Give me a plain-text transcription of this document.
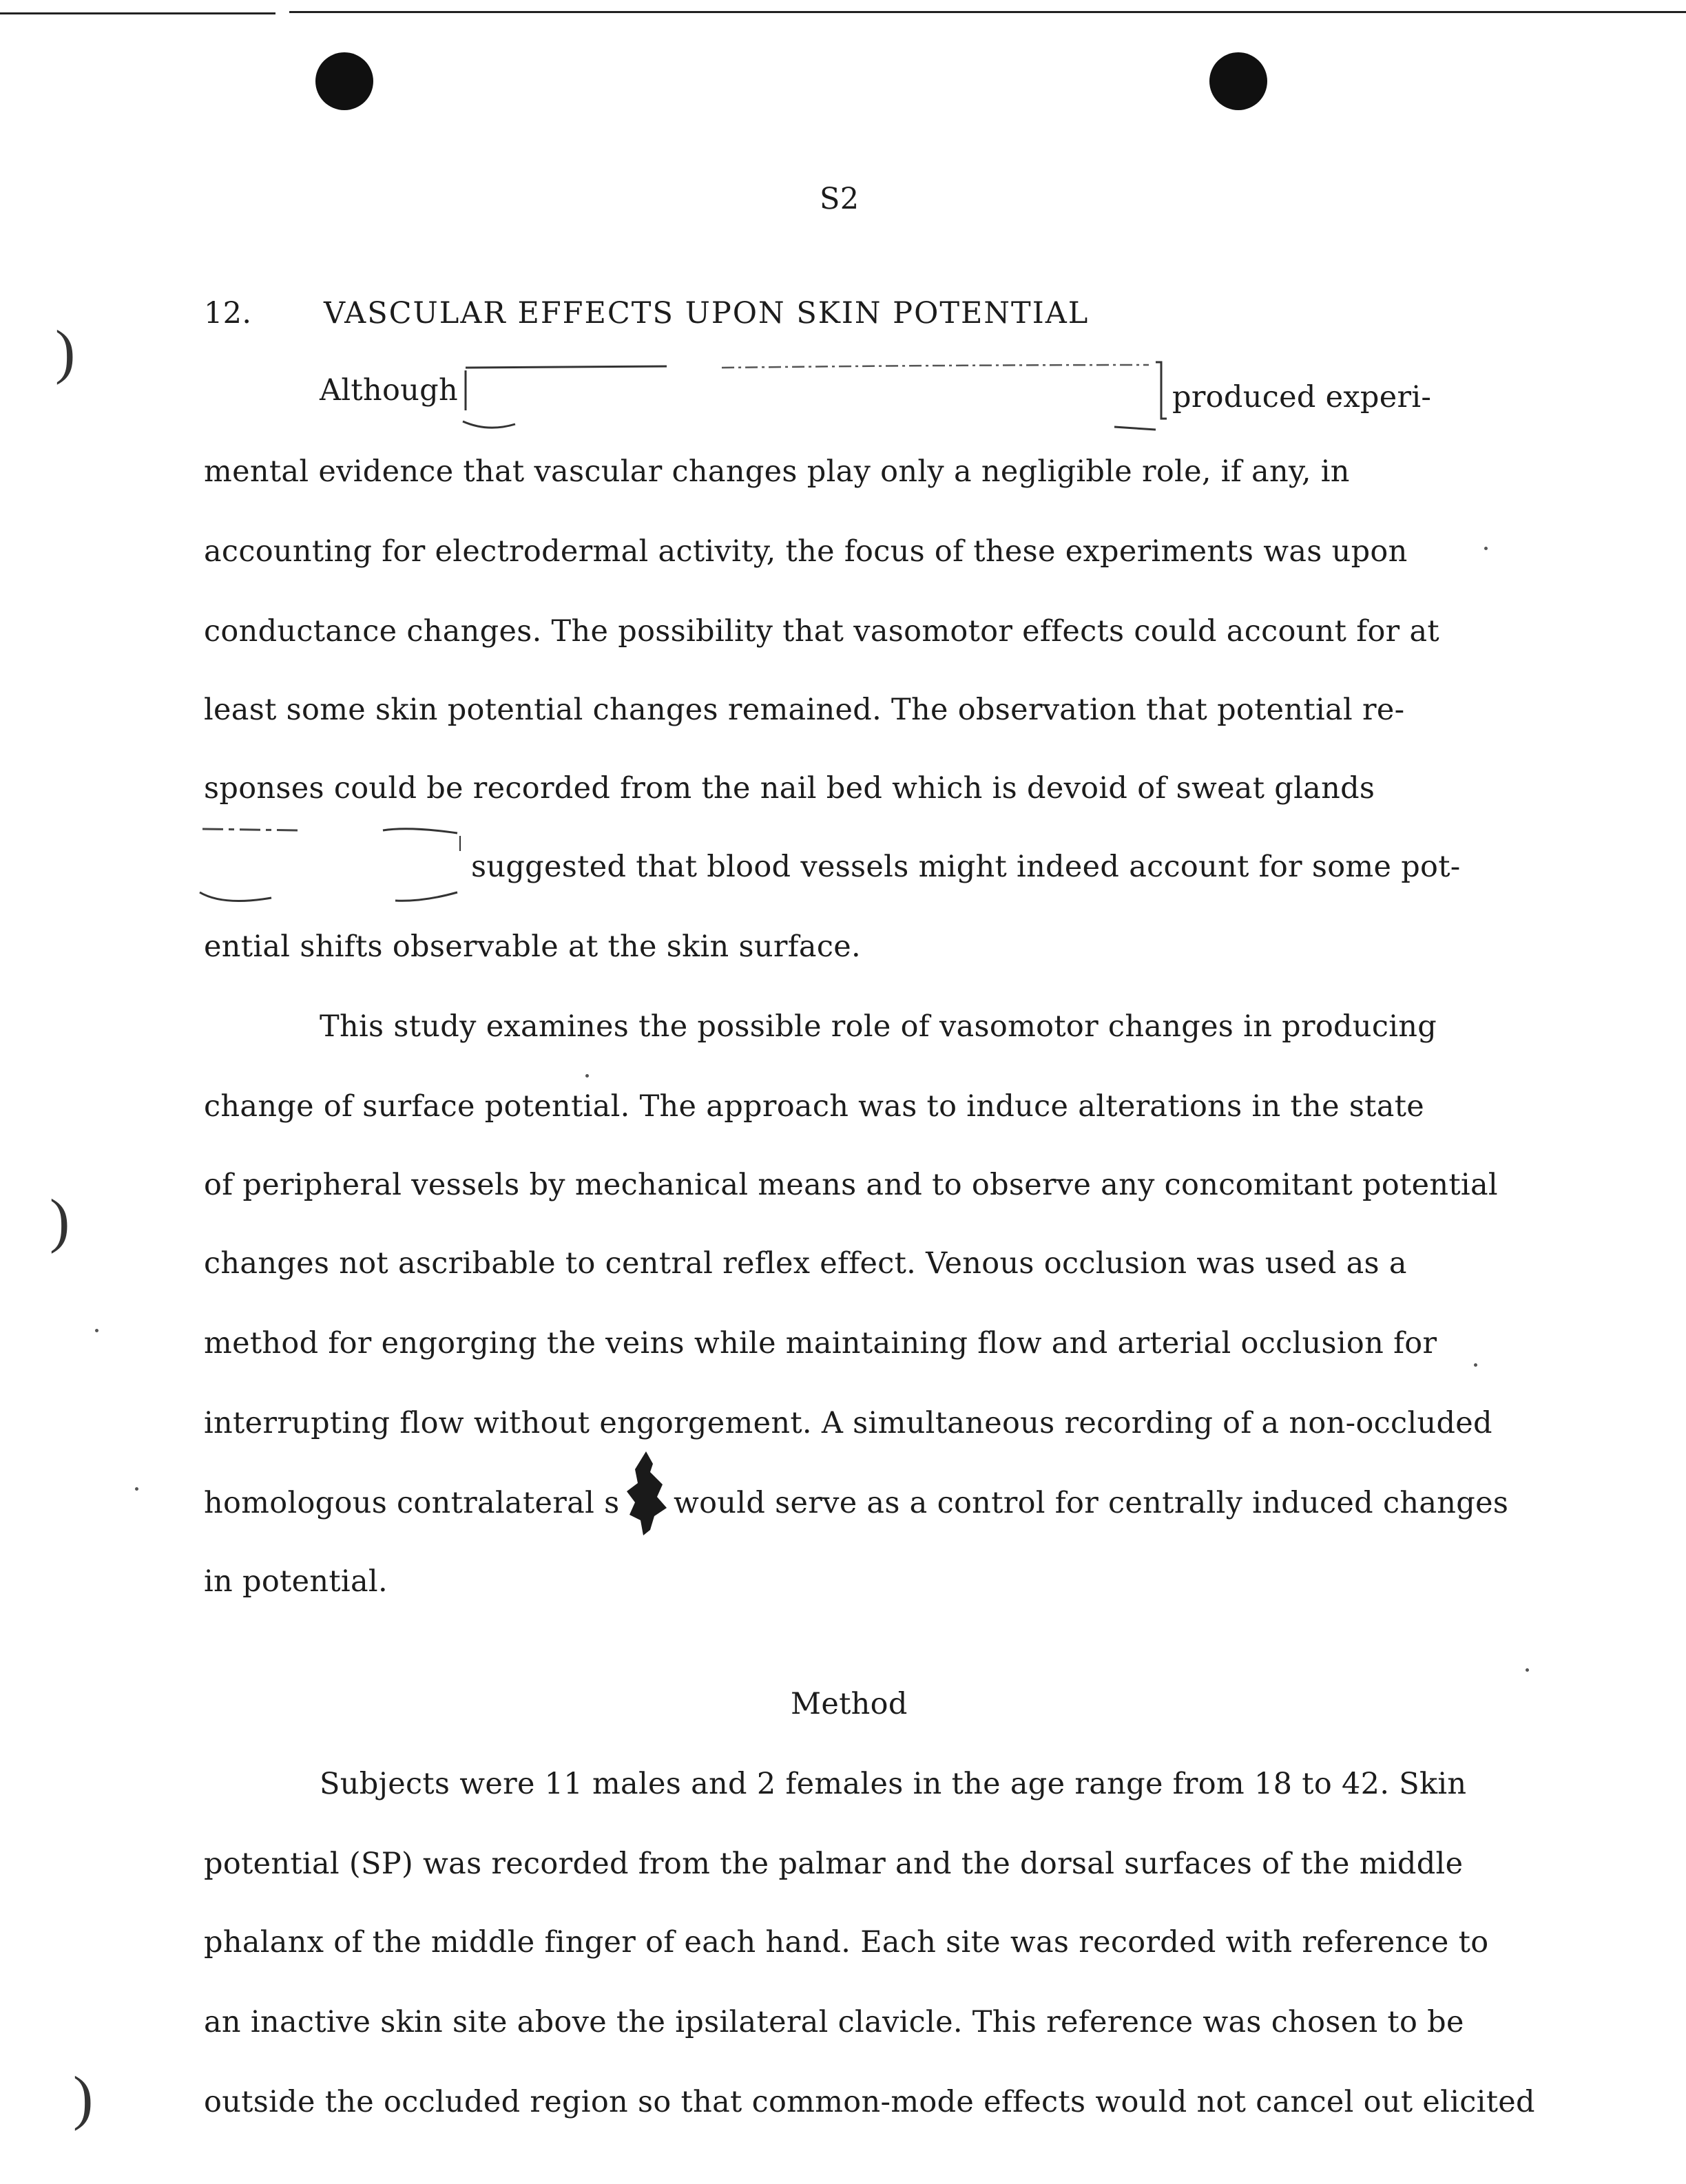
)
)
)
S2
12. VASCULAR EFFECTS UPON SKIN POTENTIAL
Although	produced experi-
mental evidence that vascular changes play only a negligible role, if any, in
accounting for electrodermal activity, the focus of these experiments was upon
conductance changes. The possibility that vasomotor effects could account for at
least some skin potential changes remained. The observation that potential re-
sponses could be recorded from the nail bed which is devoid of sweat glands
suggested that blood vessels might indeed account for some pot-
ential shifts observable at the skin surface.
This study examines the possible role of vasomotor changes in producing
change of surface potential. The approach was to induce alterations in the state
of peripheral vessels by mechanical means and to observe any concomitant potential
changes not ascribable to central reflex effect. Venous occlusion was used as a
method for engorging the veins while maintaining flow and arterial occlusion for
interrupting flow without engorgement. A simultaneous recording of a non-occluded
homologous contralateral s would serve as a control for centrally induced changes
in potential.
Method
Subjects were 11 males and 2 females in the age range from 18 to 42. Skin
potential (SP) was recorded from the palmar and the dorsal surfaces of the middle
phalanx of the middle finger of each hand. Each site was recorded with reference to
an inactive skin site above the ipsilateral clavicle. This reference was chosen to be
outside the occluded region so that common-mode effects would not cancel out elicited
